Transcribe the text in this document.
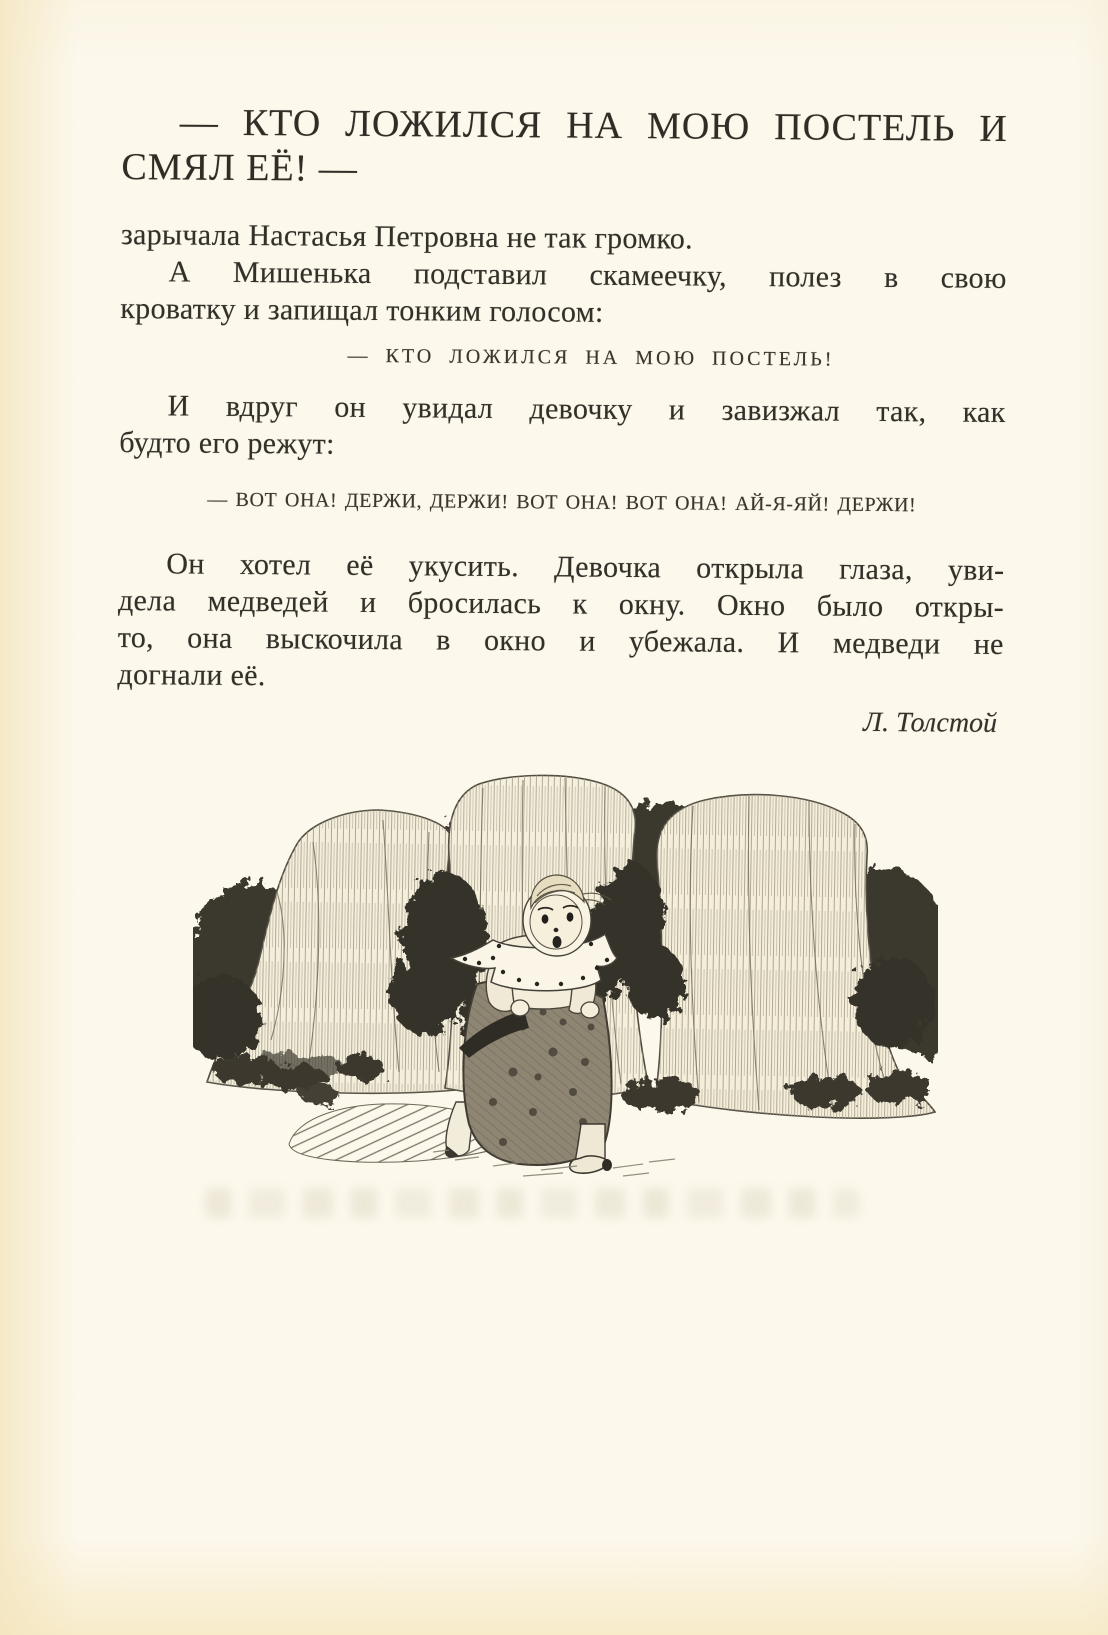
— КТО ЛОЖИЛСЯ НА МОЮ ПОСТЕЛЬ И
СМЯЛ ЕЁ! —

зарычала Настасья Петровна не так громко.

А Мишенька подставил скамеечку, полез в свою
кроватку и запищал тонким голосом:

— КТО ЛОЖИЛСЯ НА МОЮ ПОСТЕЛЬ!

И вдруг он увидал девочку и завизжал так, как
будто его режут:

— ВОТ ОНА! ДЕРЖИ, ДЕРЖИ! ВОТ ОНА! ВОТ ОНА! АЙ-Я-ЯЙ! ДЕРЖИ!

Он хотел её укусить. Девочка открыла глаза, уви-
дела медведей и бросилась к окну. Окно было откры-
то, она выскочила в окно и убежала. И медведи не
догнали её.

Л. Толстой
